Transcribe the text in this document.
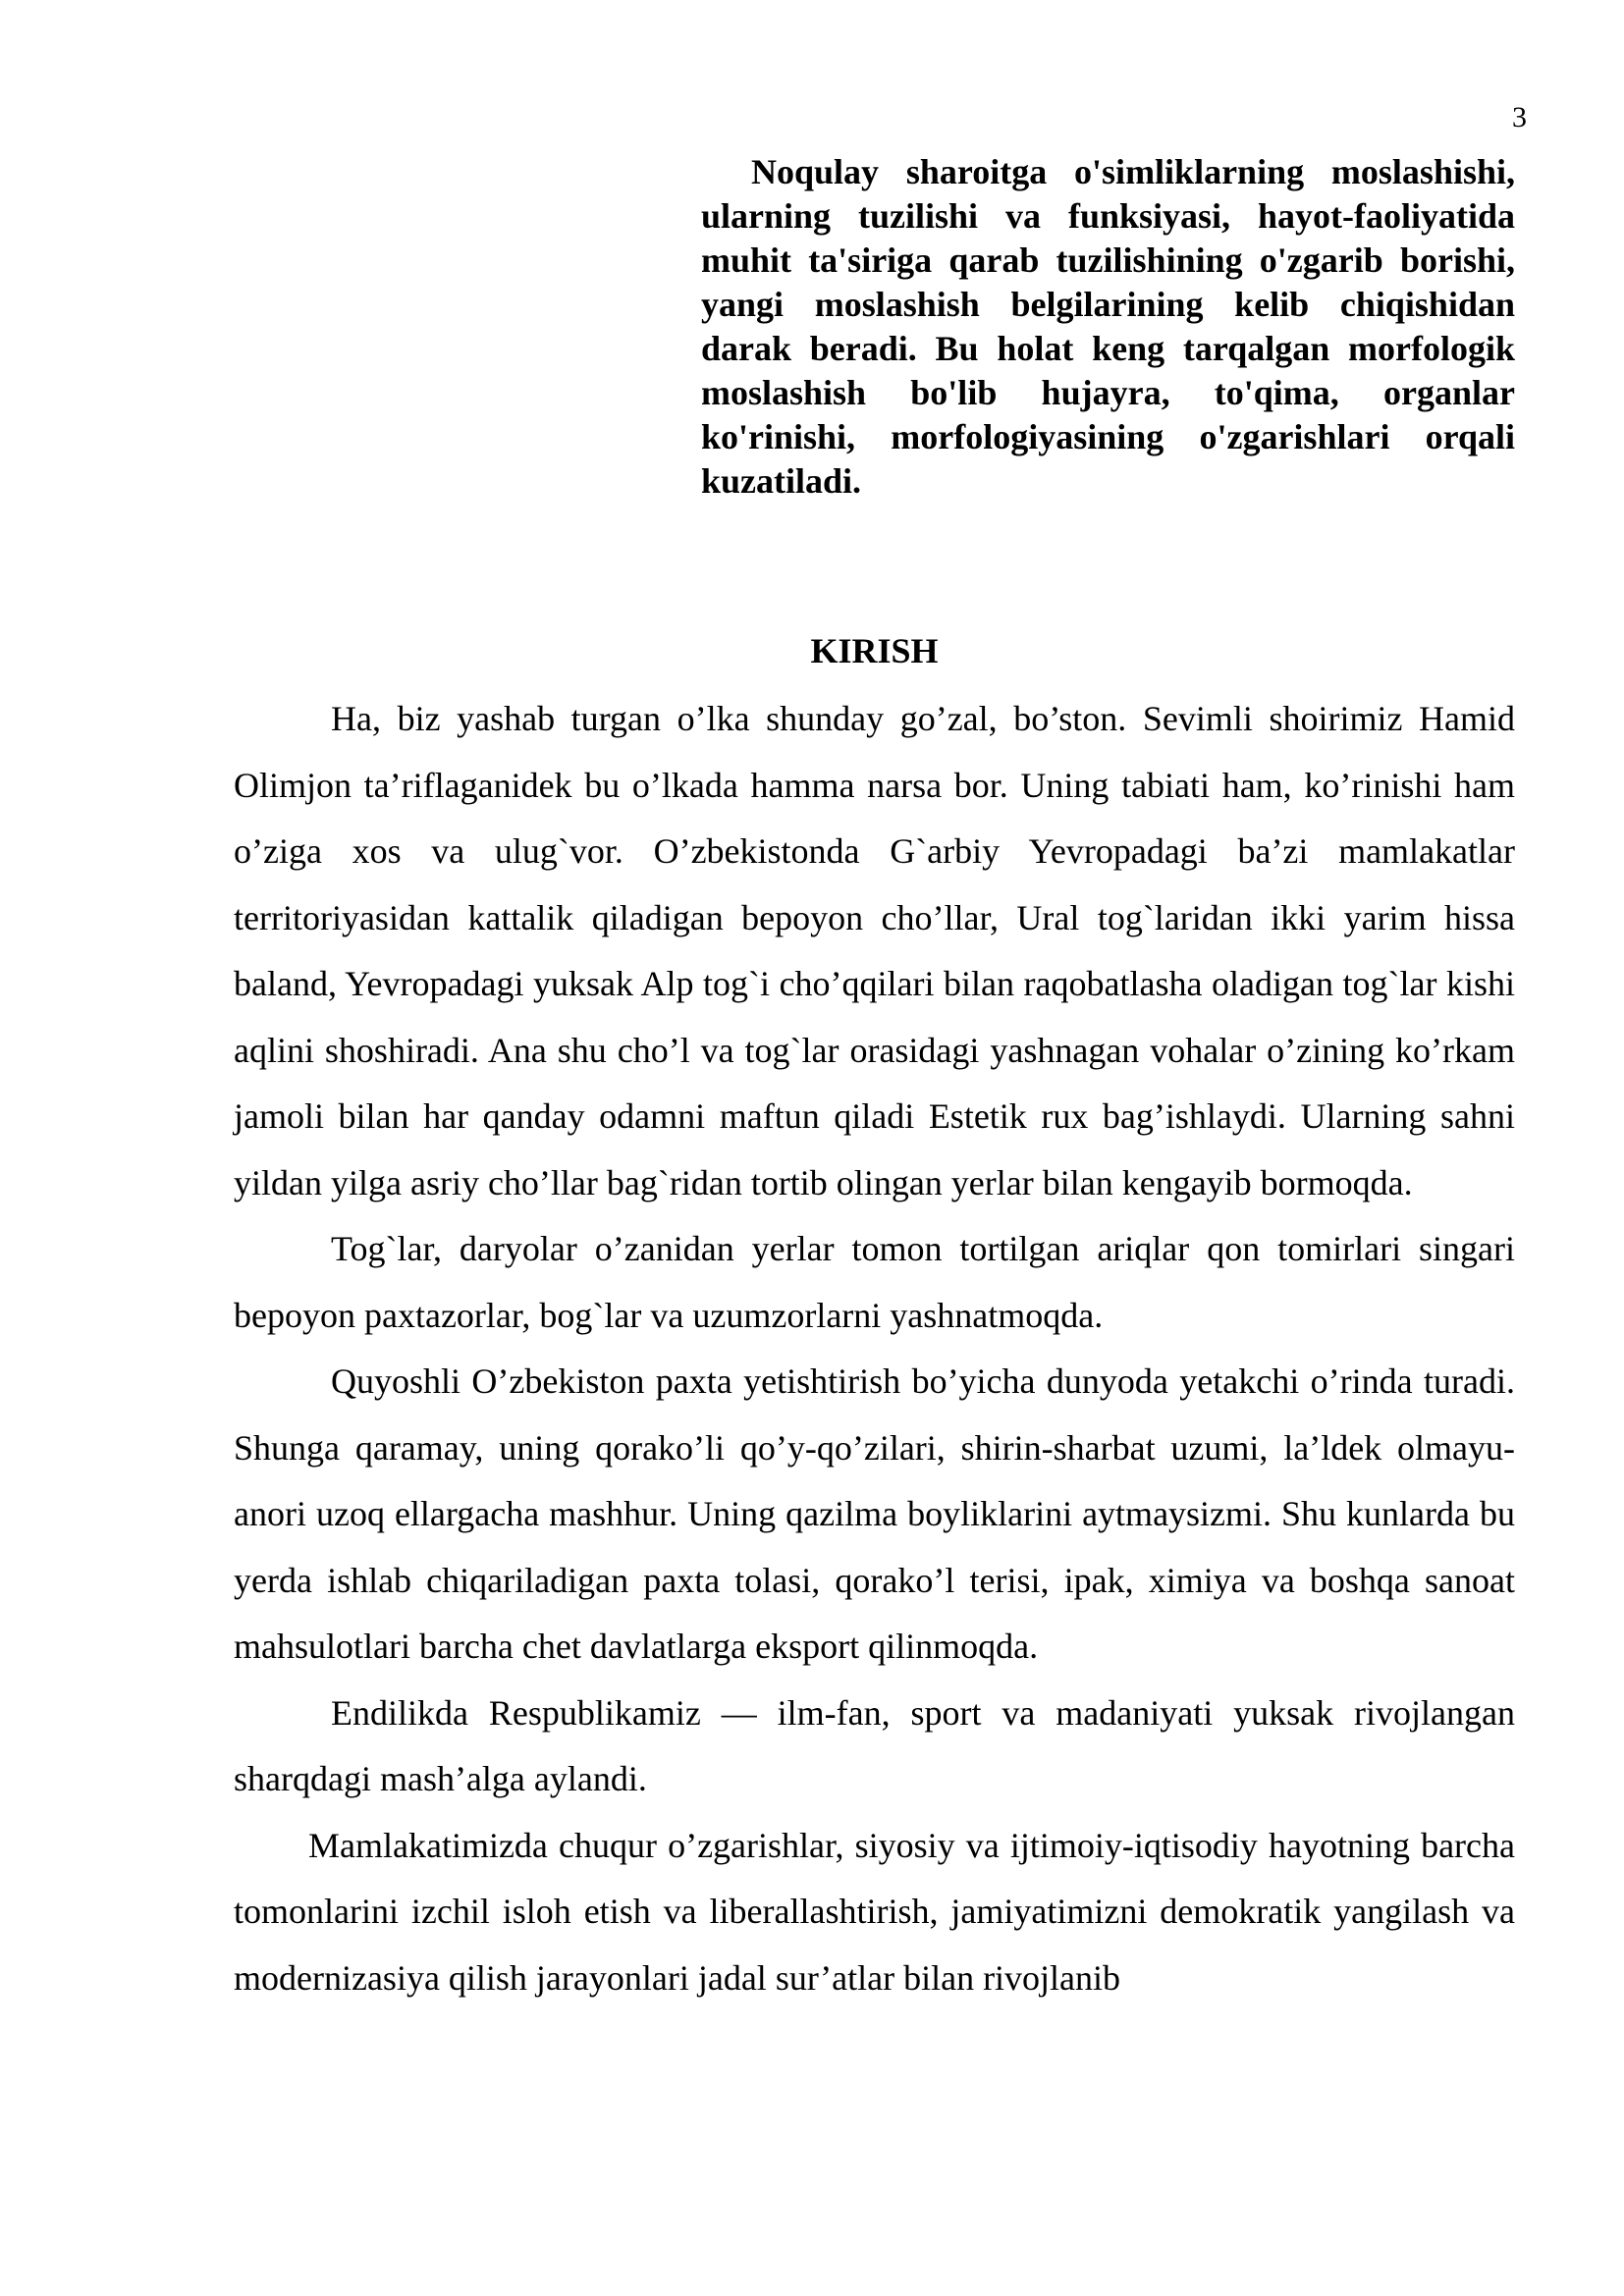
3

Noqulay sharoitga o'simliklarning moslashishi, ularning tuzilishi va funksiyasi, hayot-faoliyatida muhit ta'siriga qarab tuzilishining o'zgarib borishi, yangi moslashish belgilarining kelib chiqishidan darak beradi. Bu holat keng tarqalgan morfologik moslashish bo'lib hujayra, to'qima, organlar ko'rinishi, morfologiyasining o'zgarishlari orqali kuzatiladi.

KIRISH

Ha, biz yashab turgan o’lka shunday go’zal, bo’ston. Sevimli shoirimiz Hamid Olimjon ta’riflaganidek bu o’lkada hamma narsa bor. Uning tabiati ham, ko’rinishi ham o’ziga xos va ulug`vor. O’zbekistonda G`arbiy Yevropadagi ba’zi mamlakatlar territoriyasidan kattalik qiladigan bepoyon cho’llar, Ural tog`laridan ikki yarim hissa baland, Yevropadagi yuksak Alp tog`i cho’qqilari bilan raqobatlasha oladigan tog`lar kishi aqlini shoshiradi. Ana shu cho’l va tog`lar orasidagi yashnagan vohalar o’zining ko’rkam jamoli bilan har qanday odamni maftun qiladi Estetik rux bag’ishlaydi. Ularning sahni yildan yilga asriy cho’llar bag`ridan tortib olingan yerlar bilan kengayib bormoqda.

Tog`lar, daryolar o’zanidan yerlar tomon tortilgan ariqlar qon tomirlari singari bepoyon paxtazorlar, bog`lar va uzumzorlarni yashnatmoqda.

Quyoshli O’zbekiston paxta yetishtirish bo’yicha dunyoda yetakchi o’rinda turadi. Shunga qaramay, uning qorako’li qo’y-qo’zilari, shirin-sharbat uzumi, la’ldek olmayu-anori uzoq ellargacha mashhur. Uning qazilma boyliklarini aytmaysizmi. Shu kunlarda bu yerda ishlab chiqariladigan paxta tolasi, qorako’l terisi, ipak, ximiya va boshqa sanoat mahsulotlari barcha chet davlatlarga eksport qilinmoqda.

Endilikda Respublikamiz — ilm-fan, sport va madaniyati yuksak rivojlangan sharqdagi mash’alga aylandi.

Mamlakatimizda chuqur o’zgarishlar, siyosiy va ijtimoiy-iqtisodiy hayotning barcha tomonlarini izchil isloh etish va liberallashtirish, jamiyatimizni demokratik yangilash va modernizasiya qilish jarayonlari jadal sur’atlar bilan rivojlanib
